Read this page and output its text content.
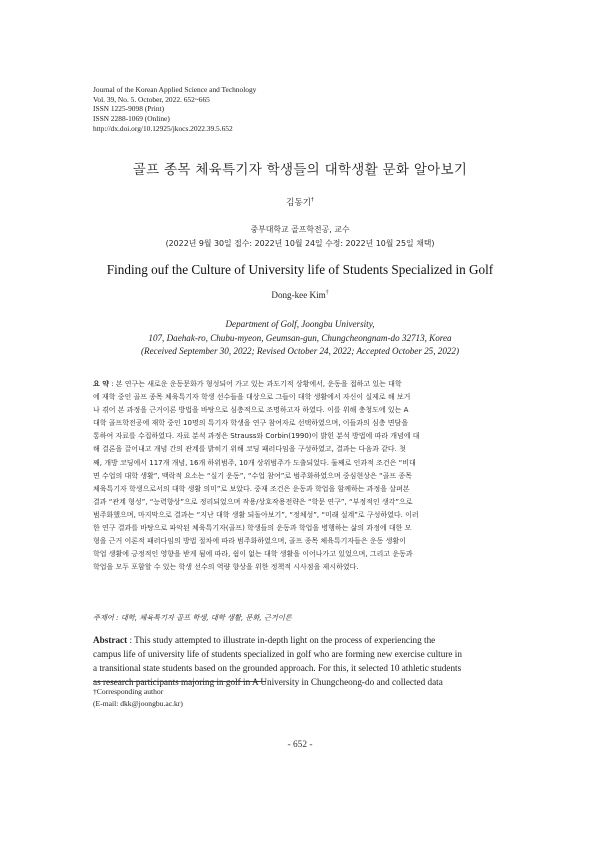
Journal of the Korean Applied Science and Technology
Vol. 39, No. 5. October, 2022. 652~665
ISSN 1225-9098 (Print)
ISSN 2288-1069 (Online)
http://dx.doi.org/10.12925/jkocs.2022.39.5.652
골프 종목 체육특기자 학생들의 대학생활 문화 알아보기
김동기†
중부대학교 골프학전공, 교수
(2022년 9월 30일 접수: 2022년 10월 24일 수정: 2022년 10월 25일 채택)
Finding ouf the Culture of University life of Students Specialized in Golf
Dong-kee Kim†
Department of Golf, Joongbu University,
107, Daehak-ro, Chubu-myeon, Geumsan-gun, Chungcheongnam-do 32713, Korea
(Received September 30, 2022; Revised October 24, 2022; Accepted October 25, 2022)
요 약 : 본 연구는 새로운 운동문화가 형성되어 가고 있는 과도기적 상황에서, 운동을 접하고 있는 대학
에 재학 중인 골프 종목 체육특기자 학생 선수들을 대상으로 그들이 대학 생활에서 자신이 실제로 해 보거
나 겪어 본 과정을 근거이론 방법을 바탕으로 심층적으로 조명하고자 하였다. 이를 위해 충청도에 있는 A
대학 골프학전공에 재학 중인 10명의 특기자 학생을 연구 참여자로 선택하였으며, 이들과의 심층 면담을
통하여 자료를 수집하였다. 자료 분석 과정은 Strauss와 Corbin(1990)이 밝힌 분석 방법에 따라 개념에 대
해 결론을 끌어내고 개념 간의 관계를 밝히기 위해 코딩 패러다임을 구성하였고, 결과는 다음과 같다. 첫
째, 개방 코딩에서 117개 개념, 16개 하위범주, 10개 상위범주가 도출되었다. 둘째로 인과적 조건은 “비대
면 수업의 대학 생활”, 맥락적 요소는 “실기 운동”, “수업 참여”로 범주화하였으며 중심현상은 “골프 종목
체육특기자 학생으로서의 대학 생활 의미”로 보았다. 중재 조건은 운동과 학업을 함께하는 과정을 살펴본
결과 “관계 형성”, “능력향상”으로 정리되었으며 작용/상호작용전략은 “학문 연구”, “부정적인 생각”으로
범주화했으며, 마지막으로 결과는 “지난 대학 생활 되돌아보기”, “정체성”, “미래 설계”로 구성하였다. 이러
한 연구 결과를 바탕으로 파악된 체육특기자(골프) 학생들의 운동과 학업을 병행하는 삶의 과정에 대한 모
형을 근거 이론적 패러다임의 방법 절차에 따라 범주화하였으며, 골프 종목 체육특기자들은 운동 생활이
학업 생활에 긍정적인 영향을 받게 됨에 따라, 쉼이 없는 대학 생활을 이어나가고 있었으며, 그리고 운동과
학업을 모두 포함할 수 있는 학생 선수의 역량 향상을 위한 정책적 시사점을 제시하였다.
주제어 : 대학, 체육특기자 골프 학생, 대학 생활, 문화, 근거이론
Abstract : This study attempted to illustrate in-depth light on the process of experiencing the
campus life of university life of students specialized in golf who are forming new exercise culture in
a transitional state students based on the grounded approach. For this, it selected 10 athletic students
as research participants majoring in golf in A University in Chungcheong-do and collected data
†Corresponding author
(E-mail: dkk@joongbu.ac.kr)
- 652 -
